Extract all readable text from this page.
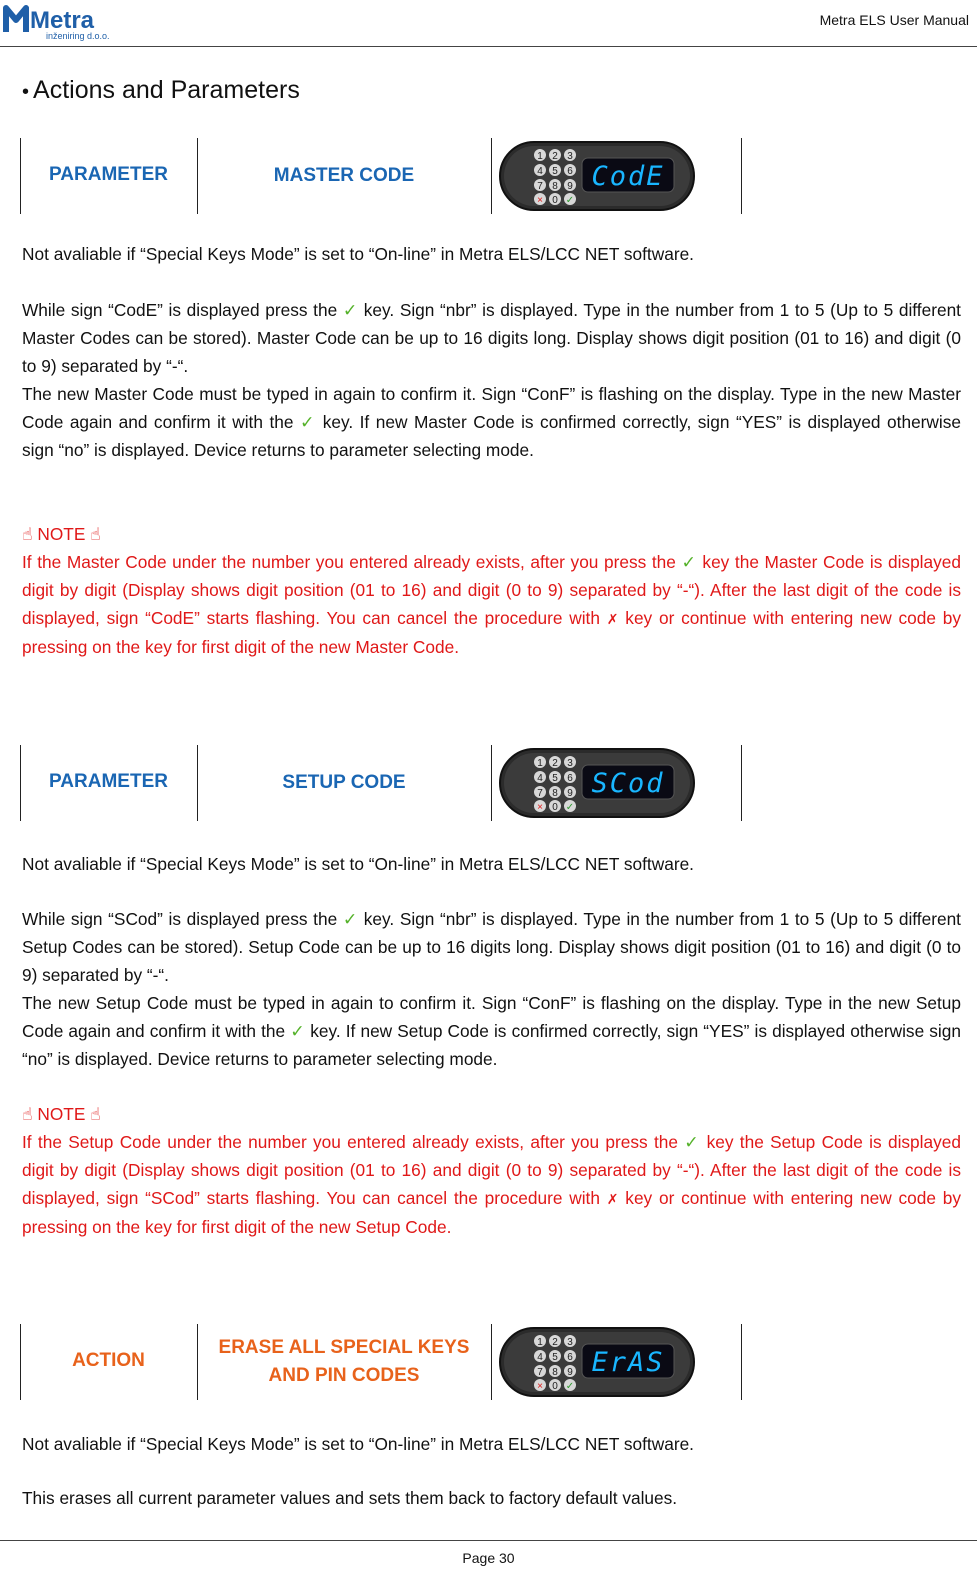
Metra
inženiring d.o.o.
Metra ELS User Manual
• Actions and Parameters
PARAMETER	MASTER CODE
1 2 3
4 5 6
7 8 9
× 0 ✓
CodE

Not avaliable if “Special Keys Mode” is set to “On-line” in Metra ELS/LCC NET software.

While sign “CodE” is displayed press the ✓ key. Sign “nbr” is displayed. Type in the number from 1 to 5 (Up to 5 different Master Codes can be stored). Master Code can be up to 16 digits long. Display shows digit position (01 to 16) and digit (0 to 9) separated by “-“.
The new Master Code must be typed in again to confirm it. Sign “ConF” is flashing on the display. Type in the new Master Code again and confirm it with the ✓ key. If new Master Code is confirmed correctly, sign “YES” is displayed otherwise sign “no” is displayed. Device returns to parameter selecting mode.

☝ NOTE ☝

If the Master Code under the number you entered already exists, after you press the ✓ key the Master Code is displayed digit by digit (Display shows digit position (01 to 16) and digit (0 to 9) separated by “-“). After the last digit of the code is displayed, sign “CodE” starts flashing. You can cancel the procedure with ✗ key or continue with entering new code by pressing on the key for first digit of the new Master Code.

PARAMETER	SETUP CODE
1 2 3
4 5 6
7 8 9
× 0 ✓
SCod

Not avaliable if “Special Keys Mode” is set to “On-line” in Metra ELS/LCC NET software.

While sign “SCod” is displayed press the ✓ key. Sign “nbr” is displayed. Type in the number from 1 to 5 (Up to 5 different Setup Codes can be stored). Setup Code can be up to 16 digits long. Display shows digit position (01 to 16) and digit (0 to 9) separated by “-“.
The new Setup Code must be typed in again to confirm it. Sign “ConF” is flashing on the display. Type in the new Setup Code again and confirm it with the ✓ key. If new Setup Code is confirmed correctly, sign “YES” is displayed otherwise sign “no” is displayed. Device returns to parameter selecting mode.

☝ NOTE ☝

If the Setup Code under the number you entered already exists, after you press the ✓ key the Setup Code is displayed digit by digit (Display shows digit position (01 to 16) and digit (0 to 9) separated by “-“). After the last digit of the code is displayed, sign “SCod” starts flashing. You can cancel the procedure with ✗ key or continue with entering new code by pressing on the key for first digit of the new Setup Code.

ACTION
ERASE ALL SPECIAL KEYS
AND PIN CODES
1 2 3
4 5 6
7 8 9
× 0 ✓
ErAS

Not avaliable if “Special Keys Mode” is set to “On-line” in Metra ELS/LCC NET software.

This erases all current parameter values and sets them back to factory default values.

Page 30
